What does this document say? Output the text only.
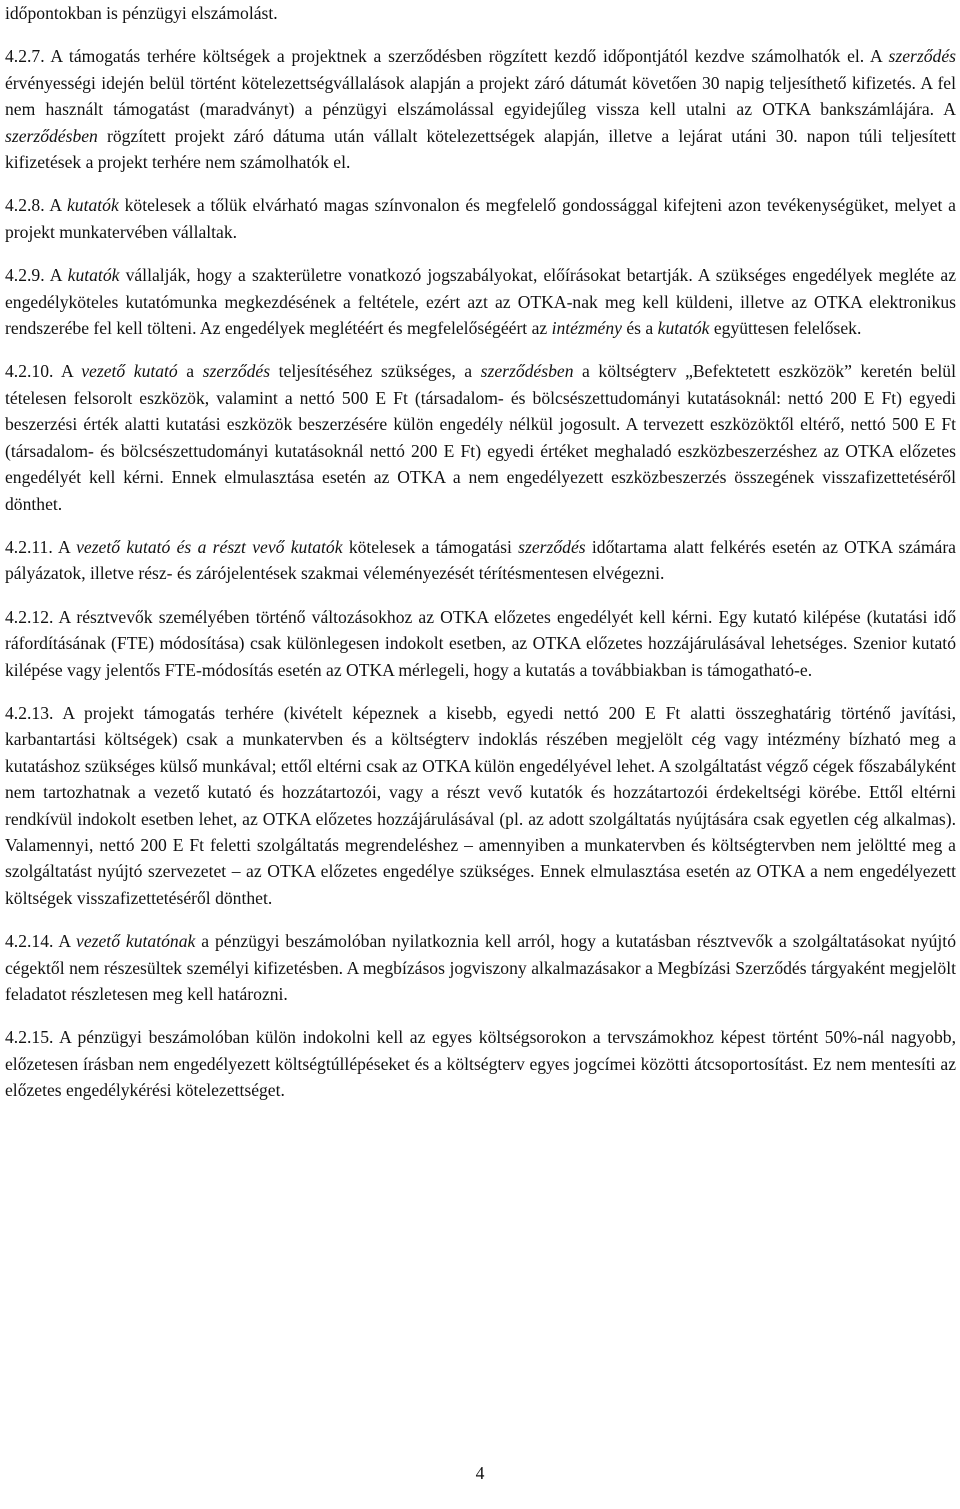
időpontokban is pénzügyi elszámolást.

4.2.7. A támogatás terhére költségek a projektnek a szerződésben rögzített kezdő időpontjától kezdve számolhatók el. A szerződés érvényességi idején belül történt kötelezettségvállalások alapján a projekt záró dátumát követően 30 napig teljesíthető kifizetés. A fel nem használt támogatást (maradványt) a pénzügyi elszámolással egyidejűleg vissza kell utalni az OTKA bankszámlájára. A szerződésben rögzített projekt záró dátuma után vállalt kötelezettségek alapján, illetve a lejárat utáni 30. napon túli teljesített kifizetések a projekt terhére nem számolhatók el.

4.2.8. A kutatók kötelesek a tőlük elvárható magas színvonalon és megfelelő gondossággal kifejteni azon tevékenységüket, melyet a projekt munkatervében vállaltak.

4.2.9. A kutatók vállalják, hogy a szakterületre vonatkozó jogszabályokat, előírásokat betartják. A szükséges engedélyek megléte az engedélyköteles kutatómunka megkezdésének a feltétele, ezért azt az OTKA-nak meg kell küldeni, illetve az OTKA elektronikus rendszerébe fel kell tölteni. Az engedélyek meglétéért és megfelelőségéért az intézmény és a kutatók együttesen felelősek.

4.2.10. A vezető kutató a szerződés teljesítéséhez szükséges, a szerződésben a költségterv „Befektetett eszközök” keretén belül tételesen felsorolt eszközök, valamint a nettó 500 E Ft (társadalom- és bölcsészettudományi kutatásoknál: nettó 200 E Ft) egyedi beszerzési érték alatti kutatási eszközök beszerzésére külön engedély nélkül jogosult. A tervezett eszközöktől eltérő, nettó 500 E Ft (társadalom- és bölcsészettudományi kutatásoknál nettó 200 E Ft) egyedi értéket meghaladó eszközbeszerzéshez az OTKA előzetes engedélyét kell kérni. Ennek elmulasztása esetén az OTKA a nem engedélyezett eszközbeszerzés összegének visszafizettetéséről dönthet.

4.2.11. A vezető kutató és a részt vevő kutatók kötelesek a támogatási szerződés időtartama alatt felkérés esetén az OTKA számára pályázatok, illetve rész- és zárójelentések szakmai véleményezését térítésmentesen elvégezni.

4.2.12. A résztvevők személyében történő változásokhoz az OTKA előzetes engedélyét kell kérni. Egy kutató kilépése (kutatási idő ráfordításának (FTE) módosítása) csak különlegesen indokolt esetben, az OTKA előzetes hozzájárulásával lehetséges. Szenior kutató kilépése vagy jelentős FTE-módosítás esetén az OTKA mérlegeli, hogy a kutatás a továbbiakban is támogatható-e.

4.2.13. A projekt támogatás terhére (kivételt képeznek a kisebb, egyedi nettó 200 E Ft alatti összeghatárig történő javítási, karbantartási költségek) csak a munkatervben és a költségterv indoklás részében megjelölt cég vagy intézmény bízható meg a kutatáshoz szükséges külső munkával; ettől eltérni csak az OTKA külön engedélyével lehet. A szolgáltatást végző cégek főszabályként nem tartozhatnak a vezető kutató és hozzátartozói, vagy a részt vevő kutatók és hozzátartozói érdekeltségi körébe. Ettől eltérni rendkívül indokolt esetben lehet, az OTKA előzetes hozzájárulásával (pl. az adott szolgáltatás nyújtására csak egyetlen cég alkalmas). Valamennyi, nettó 200 E Ft feletti szolgáltatás megrendeléshez – amennyiben a munkatervben és költségtervben nem jelöltté meg a szolgáltatást nyújtó szervezetet – az OTKA előzetes engedélye szükséges. Ennek elmulasztása esetén az OTKA a nem engedélyezett költségek visszafizettetéséről dönthet.

4.2.14. A vezető kutatónak a pénzügyi beszámolóban nyilatkoznia kell arról, hogy a kutatásban résztvevők a szolgáltatásokat nyújtó cégektől nem részesültek személyi kifizetésben. A megbízásos jogviszony alkalmazásakor a Megbízási Szerződés tárgyaként megjelölt feladatot részletesen meg kell határozni.

4.2.15. A pénzügyi beszámolóban külön indokolni kell az egyes költségsorokon a tervszámokhoz képest történt 50%-nál nagyobb, előzetesen írásban nem engedélyezett költségtúllépéseket és a költségterv egyes jogcímei közötti átcsoportosítást. Ez nem mentesíti az előzetes engedélykérési kötelezettséget.

4
